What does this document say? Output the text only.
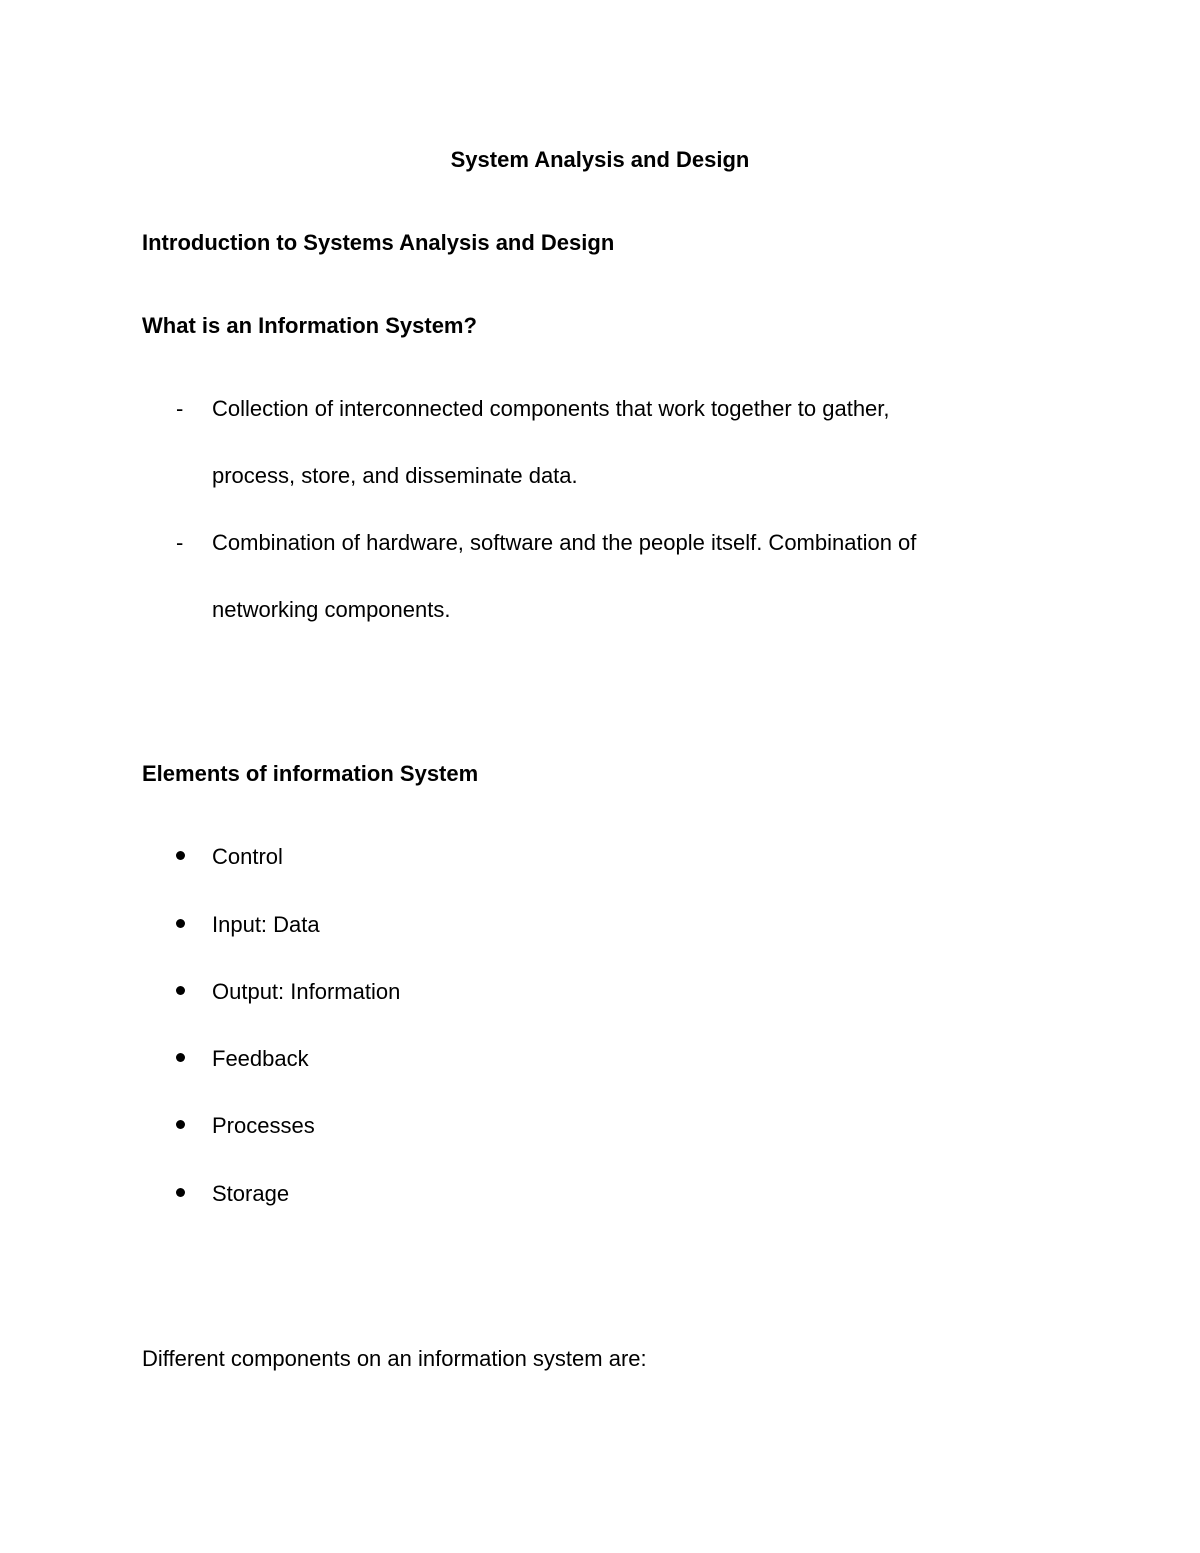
System Analysis and Design

Introduction to Systems Analysis and Design

What is an Information System?

- Collection of interconnected components that work together to gather,

process, store, and disseminate data.

- Combination of hardware, software and the people itself. Combination of

networking components.

Elements of information System

Control

Input: Data

Output: Information

Feedback

Processes

Storage

Different components on an information system are:
